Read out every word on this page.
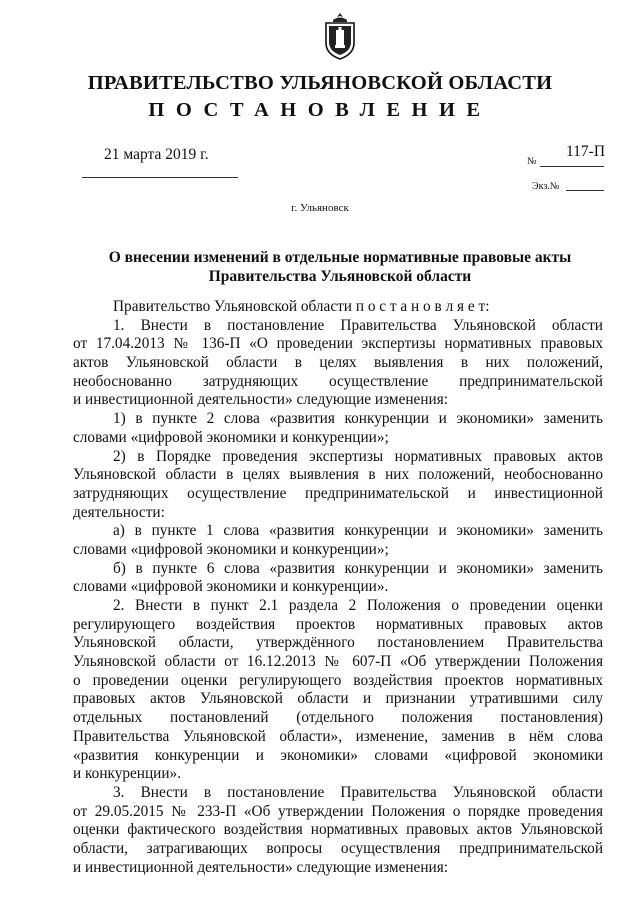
ПРАВИТЕЛЬСТВО УЛЬЯНОВСКОЙ ОБЛАСТИ
ПОСТАНОВЛЕНИЕ
21 марта 2019 г.	№
117-П
Экз.№
г. Ульяновск
О внесении изменений в отдельные нормативные правовые акты
Правительства Ульяновской области
Правительство Ульяновской области п о с т а н о в л я е т:
1. Внести в постановление Правительства Ульяновской области
от 17.04.2013 № 136-П «О проведении экспертизы нормативных правовых
актов Ульяновской области в целях выявления в них положений,
необоснованно затрудняющих осуществление предпринимательской
и инвестиционной деятельности» следующие изменения:
1) в пункте 2 слова «развития конкуренции и экономики» заменить
словами «цифровой экономики и конкуренции»;
2) в Порядке проведения экспертизы нормативных правовых актов
Ульяновской области в целях выявления в них положений, необоснованно
затрудняющих осуществление предпринимательской и инвестиционной
деятельности:
а) в пункте 1 слова «развития конкуренции и экономики» заменить
словами «цифровой экономики и конкуренции»;
б) в пункте 6 слова «развития конкуренции и экономики» заменить
словами «цифровой экономики и конкуренции».
2. Внести в пункт 2.1 раздела 2 Положения о проведении оценки
регулирующего воздействия проектов нормативных правовых актов
Ульяновской области, утверждённого постановлением Правительства
Ульяновской области от 16.12.2013 № 607-П «Об утверждении Положения
о проведении оценки регулирующего воздействия проектов нормативных
правовых актов Ульяновской области и признании утратившими силу
отдельных постановлений (отдельного положения постановления)
Правительства Ульяновской области», изменение, заменив в нём слова
«развития конкуренции и экономики» словами «цифровой экономики
и конкуренции».
3. Внести в постановление Правительства Ульяновской области
от 29.05.2015 № 233-П «Об утверждении Положения о порядке проведения
оценки фактического воздействия нормативных правовых актов Ульяновской
области, затрагивающих вопросы осуществления предпринимательской
и инвестиционной деятельности» следующие изменения:
